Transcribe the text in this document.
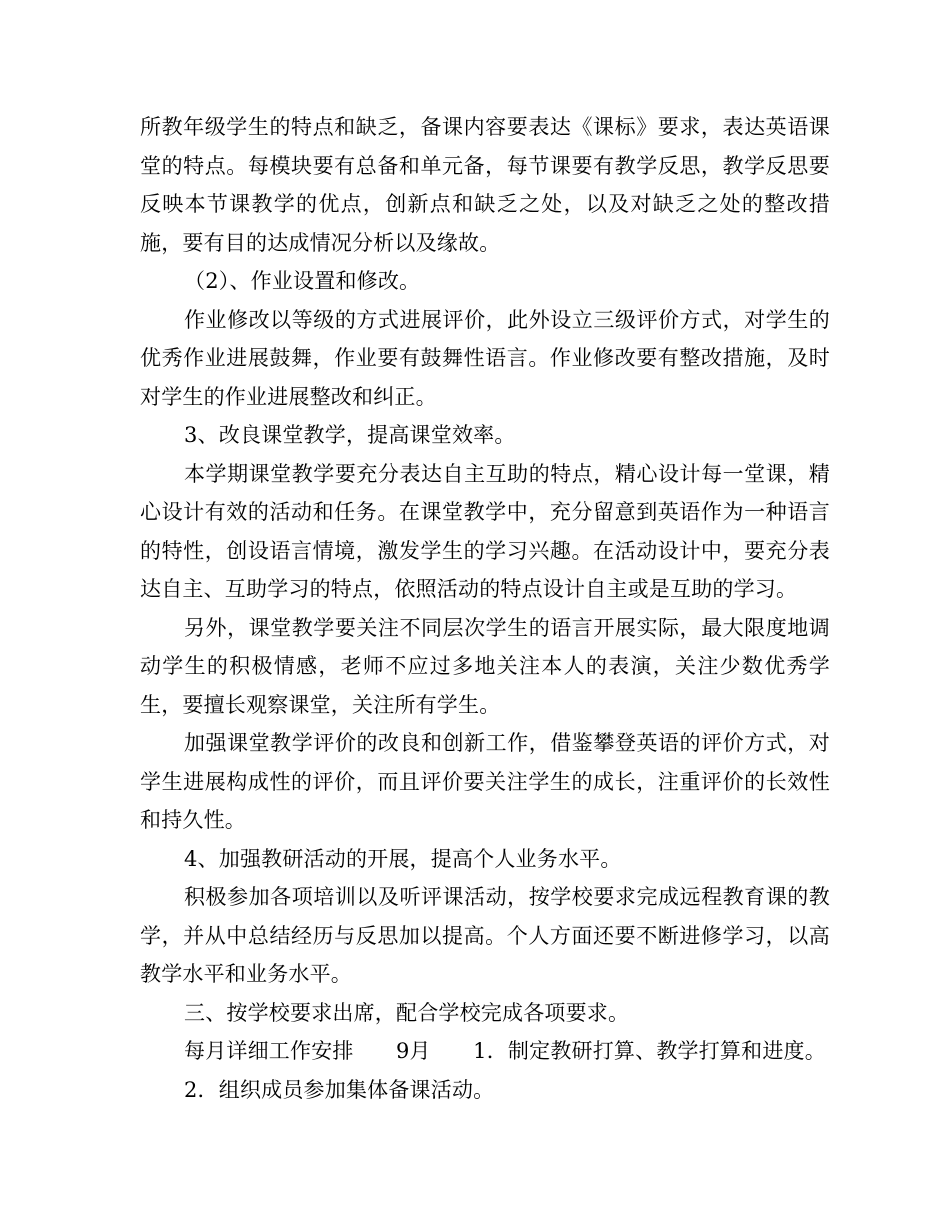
所教年级学生的特点和缺乏，备课内容要表达《课标》要求，表达英语课堂的特点。每模块要有总备和单元备，每节课要有教学反思，教学反思要反映本节课教学的优点，创新点和缺乏之处，以及对缺乏之处的整改措施，要有目的达成情况分析以及缘故。

（2）、作业设置和修改。

作业修改以等级的方式进展评价，此外设立三级评价方式，对学生的优秀作业进展鼓舞，作业要有鼓舞性语言。作业修改要有整改措施，及时对学生的作业进展整改和纠正。

3、改良课堂教学，提高课堂效率。

本学期课堂教学要充分表达自主互助的特点，精心设计每一堂课，精心设计有效的活动和任务。在课堂教学中，充分留意到英语作为一种语言的特性，创设语言情境，激发学生的学习兴趣。在活动设计中，要充分表达自主、互助学习的特点，依照活动的特点设计自主或是互助的学习。

另外，课堂教学要关注不同层次学生的语言开展实际，最大限度地调动学生的积极情感，老师不应过多地关注本人的表演，关注少数优秀学生，要擅长观察课堂，关注所有学生。

加强课堂教学评价的改良和创新工作，借鉴攀登英语的评价方式，对学生进展构成性的评价，而且评价要关注学生的成长，注重评价的长效性和持久性。

4、加强教研活动的开展，提高个人业务水平。

积极参加各项培训以及听评课活动，按学校要求完成远程教育课的教学，并从中总结经历与反思加以提高。个人方面还要不断进修学习，以高教学水平和业务水平。

三、按学校要求出席，配合学校完成各项要求。

每月详细工作安排　　9月　　1．制定教研打算、教学打算和进度。

2．组织成员参加集体备课活动。
